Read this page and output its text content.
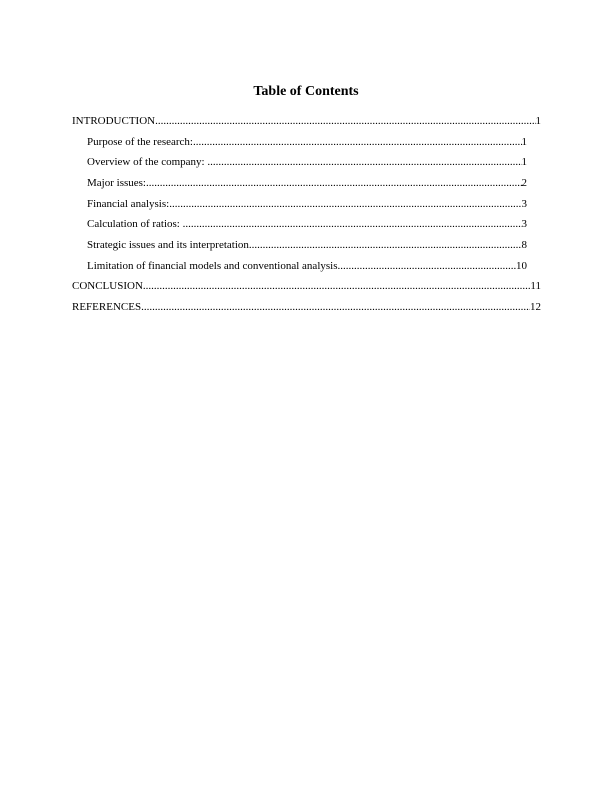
Table of Contents
INTRODUCTION .....	1
Purpose of the research: .....	1
Overview of the company: .....	1
Major issues: .....	2
Financial analysis: .....	3
Calculation of ratios: .....	3
Strategic issues and its interpretation .....	8
Limitation of financial models and conventional analysis .....	10
CONCLUSION .....	11
REFERENCES .....	12
